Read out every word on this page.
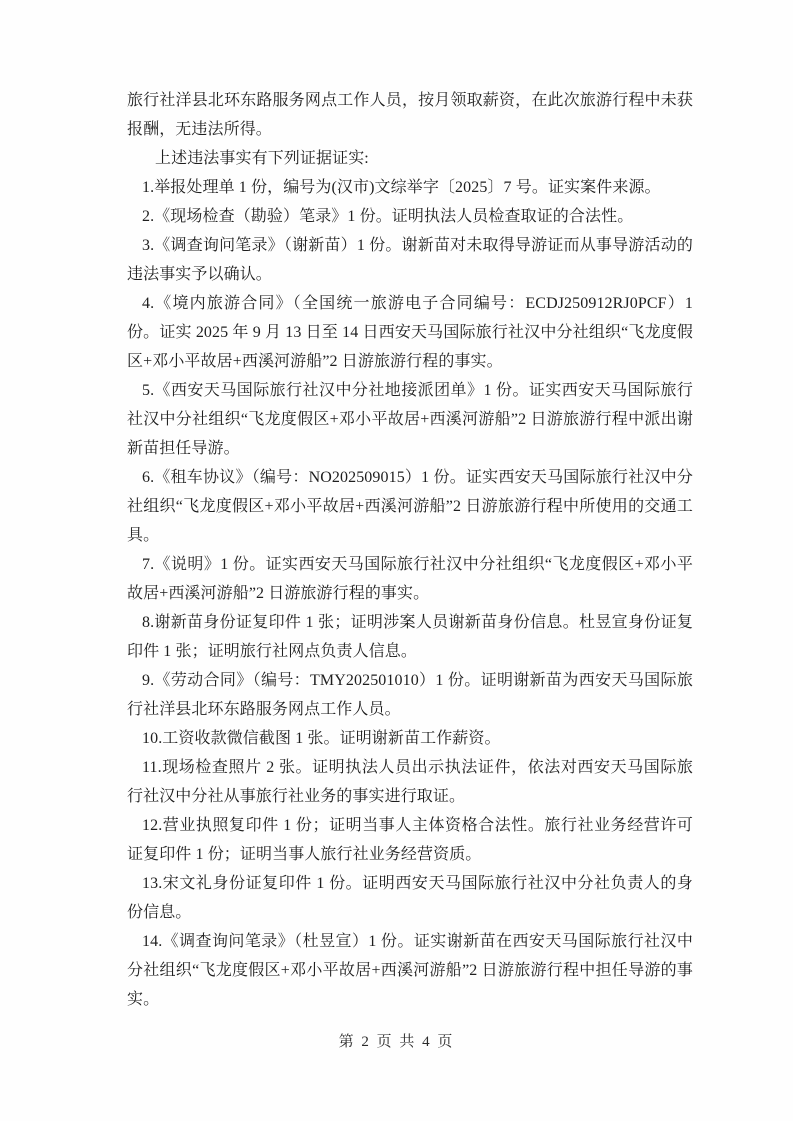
旅行社洋县北环东路服务网点工作人员，按月领取薪资，在此次旅游行程中未获报酬，无违法所得。

上述违法事实有下列证据证实:

1.举报处理单 1 份，编号为(汉市)文综举字〔2025〕7 号。证实案件来源。

2.《现场检查（勘验）笔录》1 份。证明执法人员检查取证的合法性。

3.《调查询问笔录》（谢新苗）1 份。谢新苗对未取得导游证而从事导游活动的违法事实予以确认。

4.《境内旅游合同》（全国统一旅游电子合同编号：ECDJ250912RJ0PCF）1 份。证实 2025 年 9 月 13 日至 14 日西安天马国际旅行社汉中分社组织“飞龙度假区+邓小平故居+西溪河游船”2 日游旅游行程的事实。

5.《西安天马国际旅行社汉中分社地接派团单》1 份。证实西安天马国际旅行社汉中分社组织“飞龙度假区+邓小平故居+西溪河游船”2 日游旅游行程中派出谢新苗担任导游。

6.《租车协议》（编号：NO202509015）1 份。证实西安天马国际旅行社汉中分社组织“飞龙度假区+邓小平故居+西溪河游船”2 日游旅游行程中所使用的交通工具。

7.《说明》1 份。证实西安天马国际旅行社汉中分社组织“飞龙度假区+邓小平故居+西溪河游船”2 日游旅游行程的事实。

8.谢新苗身份证复印件 1 张；证明涉案人员谢新苗身份信息。杜昱宣身份证复印件 1 张；证明旅行社网点负责人信息。

9.《劳动合同》（编号：TMY202501010）1 份。证明谢新苗为西安天马国际旅行社洋县北环东路服务网点工作人员。

10.工资收款微信截图 1 张。证明谢新苗工作薪资。

11.现场检查照片 2 张。证明执法人员出示执法证件，依法对西安天马国际旅行社汉中分社从事旅行社业务的事实进行取证。

12.营业执照复印件 1 份；证明当事人主体资格合法性。旅行社业务经营许可证复印件 1 份；证明当事人旅行社业务经营资质。

13.宋文礼身份证复印件 1 份。证明西安天马国际旅行社汉中分社负责人的身份信息。

14.《调查询问笔录》（杜昱宣）1 份。证实谢新苗在西安天马国际旅行社汉中分社组织“飞龙度假区+邓小平故居+西溪河游船”2 日游旅游行程中担任导游的事实。

第 2 页 共 4 页
